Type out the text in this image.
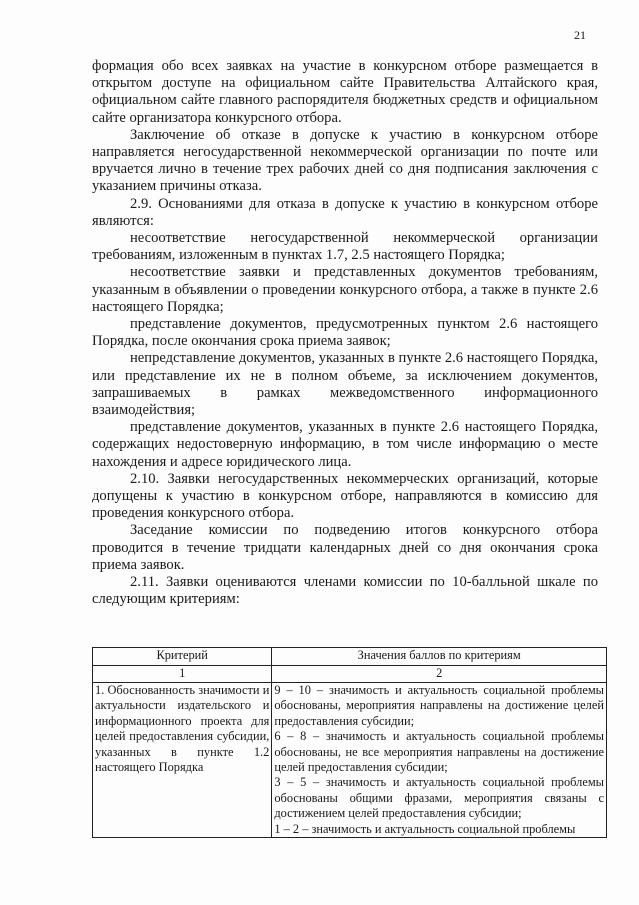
21

формация обо всех заявках на участие в конкурсном отборе размещается в открытом доступе на официальном сайте Правительства Алтайского края, официальном сайте главного распорядителя бюджетных средств и официальном сайте организатора конкурсного отбора.

Заключение об отказе в допуске к участию в конкурсном отборе направляется негосударственной некоммерческой организации по почте или вручается лично в течение трех рабочих дней со дня подписания заключения с указанием причины отказа.

2.9. Основаниями для отказа в допуске к участию в конкурсном отборе являются:

несоответствие негосударственной некоммерческой организации требованиям, изложенным в пунктах 1.7, 2.5 настоящего Порядка;

несоответствие заявки и представленных документов требованиям, указанным в объявлении о проведении конкурсного отбора, а также в пункте 2.6 настоящего Порядка;

представление документов, предусмотренных пунктом 2.6 настоящего Порядка, после окончания срока приема заявок;

непредставление документов, указанных в пункте 2.6 настоящего Порядка, или представление их не в полном объеме, за исключением документов, запрашиваемых в рамках межведомственного информационного взаимодействия;

представление документов, указанных в пункте 2.6 настоящего Порядка, содержащих недостоверную информацию, в том числе информацию о месте нахождения и адресе юридического лица.

2.10. Заявки негосударственных некоммерческих организаций, которые допущены к участию в конкурсном отборе, направляются в комиссию для проведения конкурсного отбора.

Заседание комиссии по подведению итогов конкурсного отбора проводится в течение тридцати календарных дней со дня окончания срока приема заявок.

2.11. Заявки оцениваются членами комиссии по 10-балльной шкале по следующим критериям:

Критерий	Значения баллов по критериям
1	2
1. Обоснованность значимости и актуальности издательского и информационного проекта для целей предоставления субсидии, указанных в пункте 1.2 настоящего Порядка	9 – 10 – значимость и актуальность социальной проблемы обоснованы, мероприятия направлены на достижение целей предоставления субсидии;
6 – 8 – значимость и актуальность социальной проблемы обоснованы, не все мероприятия направлены на достижение целей предоставления субсидии;
3 – 5 – значимость и актуальность социальной проблемы обоснованы общими фразами, мероприятия связаны с достижением целей предоставления субсидии;
1 – 2 – значимость и актуальность социальной проблемы
